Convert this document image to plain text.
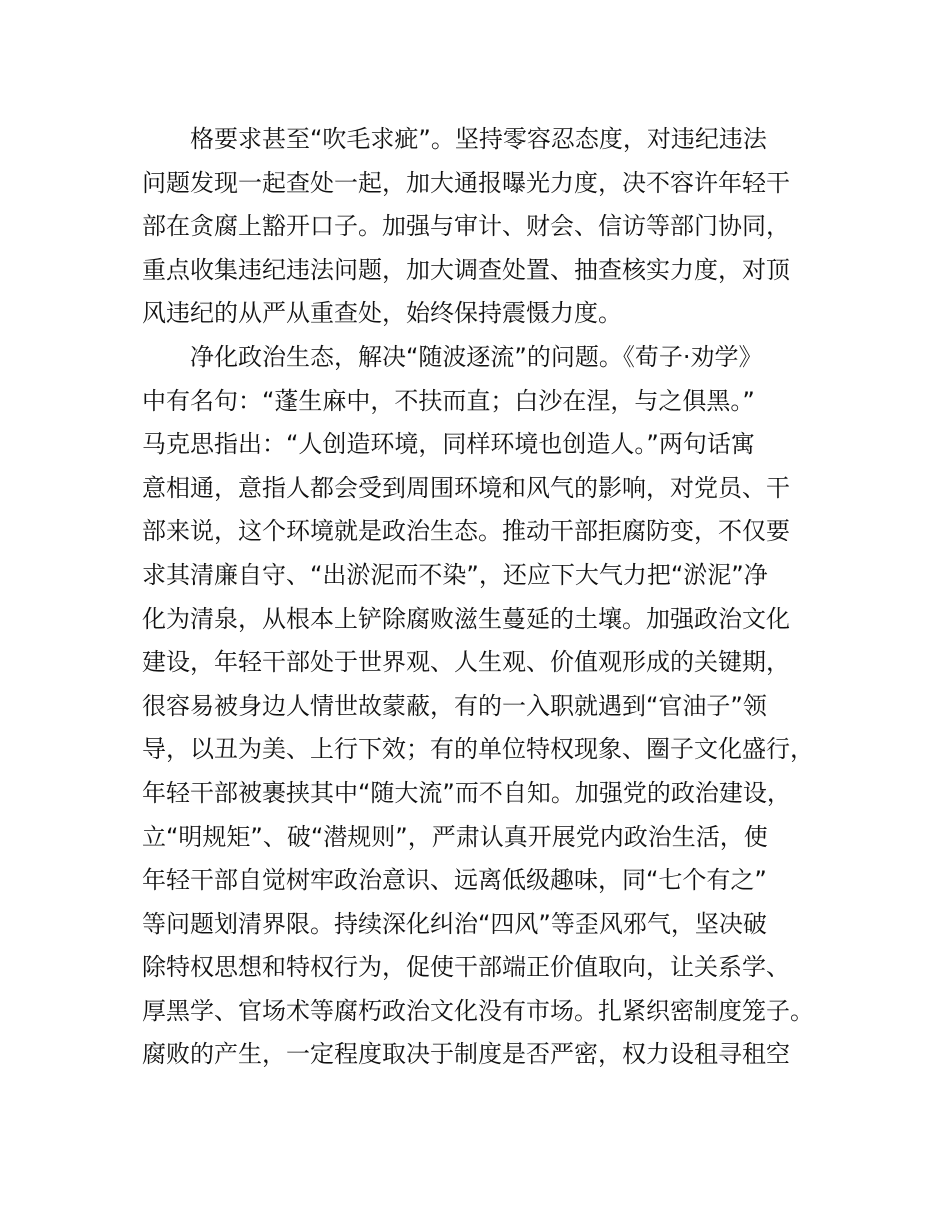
格要求甚至“吹毛求疵”。坚持零容忍态度，对违纪违法
问题发现一起查处一起，加大通报曝光力度，决不容许年轻干
部在贪腐上豁开口子。加强与审计、财会、信访等部门协同，
重点收集违纪违法问题，加大调查处置、抽查核实力度，对顶
风违纪的从严从重查处，始终保持震慑力度。
净化政治生态，解决“随波逐流”的问题。《荀子·劝学》
中有名句：“蓬生麻中，不扶而直；白沙在涅，与之俱黑。”
马克思指出：“人创造环境，同样环境也创造人。”两句话寓
意相通，意指人都会受到周围环境和风气的影响，对党员、干
部来说，这个环境就是政治生态。推动干部拒腐防变，不仅要
求其清廉自守、“出淤泥而不染”，还应下大气力把“淤泥”净
化为清泉，从根本上铲除腐败滋生蔓延的土壤。加强政治文化
建设，年轻干部处于世界观、人生观、价值观形成的关键期，
很容易被身边人情世故蒙蔽，有的一入职就遇到“官油子”领
导，以丑为美、上行下效；有的单位特权现象、圈子文化盛行，
年轻干部被裹挟其中“随大流”而不自知。加强党的政治建设，
立“明规矩”、破“潜规则”，严肃认真开展党内政治生活，使
年轻干部自觉树牢政治意识、远离低级趣味，同“七个有之”
等问题划清界限。持续深化纠治“四风”等歪风邪气，坚决破
除特权思想和特权行为，促使干部端正价值取向，让关系学、
厚黑学、官场术等腐朽政治文化没有市场。扎紧织密制度笼子。
腐败的产生，一定程度取决于制度是否严密，权力设租寻租空
